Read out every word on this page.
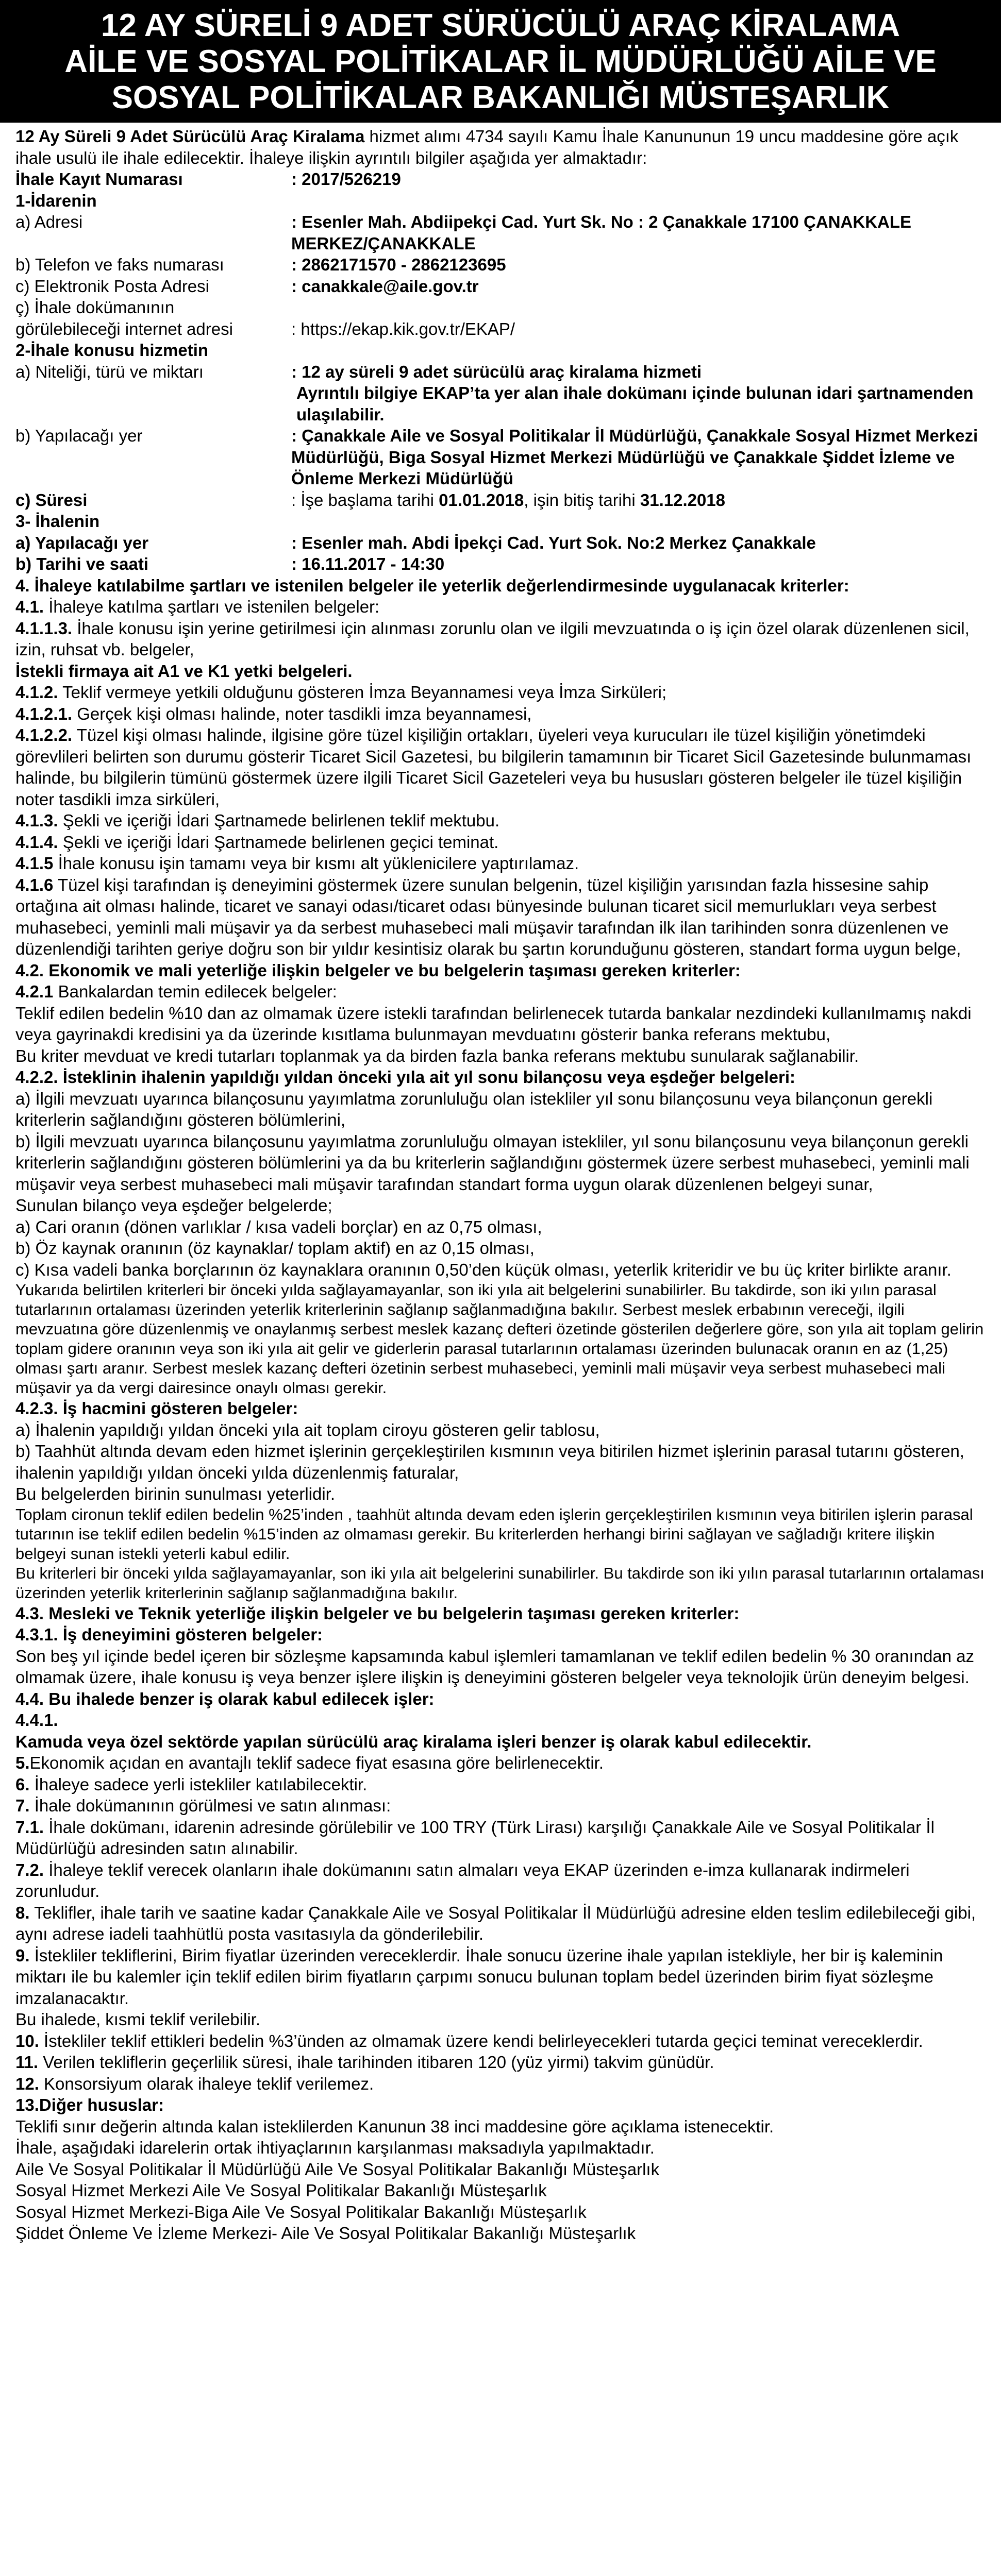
12 AY SÜRELİ 9 ADET SÜRÜCÜLÜ ARAÇ KİRALAMA
AİLE VE SOSYAL POLİTİKALAR İL MÜDÜRLÜĞÜ AİLE VE
SOSYAL POLİTİKALAR BAKANLIĞI MÜSTEŞARLIK

12 Ay Süreli 9 Adet Sürücülü Araç Kiralama hizmet alımı 4734 sayılı Kamu İhale Kanununun 19 uncu maddesine göre açık ihale usulü ile ihale edilecektir. İhaleye ilişkin ayrıntılı bilgiler aşağıda yer almaktadır:

İhale Kayıt Numarası	: 2017/526219

1-İdarenin

a) Adresi	: Esenler Mah. Abdiipekçi Cad. Yurt Sk. No : 2 Çanakkale 17100 ÇANAKKALE MERKEZ/ÇANAKKALE
b) Telefon ve faks numarası	: 2862171570 - 2862123695
c) Elektronik Posta Adresi	: canakkale@aile.gov.tr
ç) İhale dokümanının
görülebileceği internet adresi
	: https://ekap.kik.gov.tr/EKAP/

2-İhale konusu hizmetin

a) Niteliği, türü ve miktarı	: 12 ay süreli 9 adet sürücülü araç kiralama hizmeti
Ayrıntılı bilgiye EKAP’ta yer alan ihale dokümanı içinde bulunan idari şartnamenden ulaşılabilir.
b) Yapılacağı yer	: Çanakkale Aile ve Sosyal Politikalar İl Müdürlüğü, Çanakkale Sosyal Hizmet Merkezi Müdürlüğü, Biga Sosyal Hizmet Merkezi Müdürlüğü ve Çanakkale Şiddet İzleme ve Önleme Merkezi Müdürlüğü
c) Süresi	: İşe başlama tarihi 01.01.2018, işin bitiş tarihi 31.12.2018

3- İhalenin

a) Yapılacağı yer	: Esenler mah. Abdi İpekçi Cad. Yurt Sok. No:2 Merkez Çanakkale
b) Tarihi ve saati	: 16.11.2017 - 14:30

4. İhaleye katılabilme şartları ve istenilen belgeler ile yeterlik değerlendirmesinde uygulanacak kriterler:

4.1. İhaleye katılma şartları ve istenilen belgeler:

4.1.1.3. İhale konusu işin yerine getirilmesi için alınması zorunlu olan ve ilgili mevzuatında o iş için özel olarak düzenlenen sicil, izin, ruhsat vb. belgeler,

İstekli firmaya ait A1 ve K1 yetki belgeleri.

4.1.2. Teklif vermeye yetkili olduğunu gösteren İmza Beyannamesi veya İmza Sirküleri;

4.1.2.1. Gerçek kişi olması halinde, noter tasdikli imza beyannamesi,

4.1.2.2. Tüzel kişi olması halinde, ilgisine göre tüzel kişiliğin ortakları, üyeleri veya kurucuları ile tüzel kişiliğin yönetimdeki görevlileri belirten son durumu gösterir Ticaret Sicil Gazetesi, bu bilgilerin tamamının bir Ticaret Sicil Gazetesinde bulunmaması halinde, bu bilgilerin tümünü göstermek üzere ilgili Ticaret Sicil Gazeteleri veya bu hususları gösteren belgeler ile tüzel kişiliğin noter tasdikli imza sirküleri,

4.1.3. Şekli ve içeriği İdari Şartnamede belirlenen teklif mektubu.

4.1.4. Şekli ve içeriği İdari Şartnamede belirlenen geçici teminat.

4.1.5 İhale konusu işin tamamı veya bir kısmı alt yüklenicilere yaptırılamaz.

4.1.6 Tüzel kişi tarafından iş deneyimini göstermek üzere sunulan belgenin, tüzel kişiliğin yarısından fazla hissesine sahip ortağına ait olması halinde, ticaret ve sanayi odası/ticaret odası bünyesinde bulunan ticaret sicil memurlukları veya serbest muhasebeci, yeminli mali müşavir ya da serbest muhasebeci mali müşavir tarafından ilk ilan tarihinden sonra düzenlenen ve düzenlendiği tarihten geriye doğru son bir yıldır kesintisiz olarak bu şartın korunduğunu gösteren, standart forma uygun belge,

4.2. Ekonomik ve mali yeterliğe ilişkin belgeler ve bu belgelerin taşıması gereken kriterler:

4.2.1 Bankalardan temin edilecek belgeler:

Teklif edilen bedelin %10 dan az olmamak üzere istekli tarafından belirlenecek tutarda bankalar nezdindeki kullanılmamış nakdi veya gayrinakdi kredisini ya da üzerinde kısıtlama bulunmayan mevduatını gösterir banka referans mektubu,

Bu kriter mevduat ve kredi tutarları toplanmak ya da birden fazla banka referans mektubu sunularak sağlanabilir.

4.2.2. İsteklinin ihalenin yapıldığı yıldan önceki yıla ait yıl sonu bilançosu veya eşdeğer belgeleri:

a) İlgili mevzuatı uyarınca bilançosunu yayımlatma zorunluluğu olan istekliler yıl sonu bilançosunu veya bilançonun gerekli kriterlerin sağlandığını gösteren bölümlerini,

b) İlgili mevzuatı uyarınca bilançosunu yayımlatma zorunluluğu olmayan istekliler, yıl sonu bilançosunu veya bilançonun gerekli kriterlerin sağlandığını gösteren bölümlerini ya da bu kriterlerin sağlandığını göstermek üzere serbest muhasebeci, yeminli mali müşavir veya serbest muhasebeci mali müşavir tarafından standart forma uygun olarak düzenlenen belgeyi sunar,

Sunulan bilanço veya eşdeğer belgelerde;

a) Cari oranın (dönen varlıklar / kısa vadeli borçlar) en az 0,75 olması,

b) Öz kaynak oranının (öz kaynaklar/ toplam aktif) en az 0,15 olması,

c) Kısa vadeli banka borçlarının öz kaynaklara oranının 0,50’den küçük olması, yeterlik kriteridir ve bu üç kriter birlikte aranır.

Yukarıda belirtilen kriterleri bir önceki yılda sağlayamayanlar, son iki yıla ait belgelerini sunabilirler. Bu takdirde, son iki yılın parasal tutarlarının ortalaması üzerinden yeterlik kriterlerinin sağlanıp sağlanmadığına bakılır. Serbest meslek erbabının vereceği, ilgili mevzuatına göre düzenlenmiş ve onaylanmış serbest meslek kazanç defteri özetinde gösterilen değerlere göre, son yıla ait toplam gelirin toplam gidere oranının veya son iki yıla ait gelir ve giderlerin parasal tutarlarının ortalaması üzerinden bulunacak oranın en az (1,25) olması şartı aranır. Serbest meslek kazanç defteri özetinin serbest muhasebeci, yeminli mali müşavir veya serbest muhasebeci mali müşavir ya da vergi dairesince onaylı olması gerekir.

4.2.3. İş hacmini gösteren belgeler:

a) İhalenin yapıldığı yıldan önceki yıla ait toplam ciroyu gösteren gelir tablosu,

b) Taahhüt altında devam eden hizmet işlerinin gerçekleştirilen kısmının veya bitirilen hizmet işlerinin parasal tutarını gösteren, ihalenin yapıldığı yıldan önceki yılda düzenlenmiş faturalar,

Bu belgelerden birinin sunulması yeterlidir.

Toplam cironun teklif edilen bedelin %25’inden , taahhüt altında devam eden işlerin gerçekleştirilen kısmının veya bitirilen işlerin parasal tutarının ise teklif edilen bedelin %15’inden az olmaması gerekir. Bu kriterlerden herhangi birini sağlayan ve sağladığı kritere ilişkin belgeyi sunan istekli yeterli kabul edilir.

Bu kriterleri bir önceki yılda sağlayamayanlar, son iki yıla ait belgelerini sunabilirler. Bu takdirde son iki yılın parasal tutarlarının ortalaması üzerinden yeterlik kriterlerinin sağlanıp sağlanmadığına bakılır.

4.3. Mesleki ve Teknik yeterliğe ilişkin belgeler ve bu belgelerin taşıması gereken kriterler:

4.3.1. İş deneyimini gösteren belgeler:

Son beş yıl içinde bedel içeren bir sözleşme kapsamında kabul işlemleri tamamlanan ve teklif edilen bedelin % 30 oranından az olmamak üzere, ihale konusu iş veya benzer işlere ilişkin iş deneyimini gösteren belgeler veya teknolojik ürün deneyim belgesi.

4.4. Bu ihalede benzer iş olarak kabul edilecek işler:

4.4.1.

Kamuda veya özel sektörde yapılan sürücülü araç kiralama işleri benzer iş olarak kabul edilecektir.

5.Ekonomik açıdan en avantajlı teklif sadece fiyat esasına göre belirlenecektir.

6. İhaleye sadece yerli istekliler katılabilecektir.

7. İhale dokümanının görülmesi ve satın alınması:

7.1. İhale dokümanı, idarenin adresinde görülebilir ve 100 TRY (Türk Lirası) karşılığı Çanakkale Aile ve Sosyal Politikalar İl Müdürlüğü adresinden satın alınabilir.

7.2. İhaleye teklif verecek olanların ihale dokümanını satın almaları veya EKAP üzerinden e-imza kullanarak indirmeleri zorunludur.

8. Teklifler, ihale tarih ve saatine kadar Çanakkale Aile ve Sosyal Politikalar İl Müdürlüğü adresine elden teslim edilebileceği gibi, aynı adrese iadeli taahhütlü posta vasıtasıyla da gönderilebilir.

9. İstekliler tekliflerini, Birim fiyatlar üzerinden vereceklerdir. İhale sonucu üzerine ihale yapılan istekliyle, her bir iş kaleminin miktarı ile bu kalemler için teklif edilen birim fiyatların çarpımı sonucu bulunan toplam bedel üzerinden birim fiyat sözleşme imzalanacaktır.

Bu ihalede, kısmi teklif verilebilir.

10. İstekliler teklif ettikleri bedelin %3’ünden az olmamak üzere kendi belirleyecekleri tutarda geçici teminat vereceklerdir.

11. Verilen tekliflerin geçerlilik süresi, ihale tarihinden itibaren 120 (yüz yirmi) takvim günüdür.

12. Konsorsiyum olarak ihaleye teklif verilemez.

13.Diğer hususlar:

Teklifi sınır değerin altında kalan isteklilerden Kanunun 38 inci maddesine göre açıklama istenecektir.

İhale, aşağıdaki idarelerin ortak ihtiyaçlarının karşılanması maksadıyla yapılmaktadır.

Aile Ve Sosyal Politikalar İl Müdürlüğü Aile Ve Sosyal Politikalar Bakanlığı Müsteşarlık

Sosyal Hizmet Merkezi Aile Ve Sosyal Politikalar Bakanlığı Müsteşarlık

Sosyal Hizmet Merkezi-Biga Aile Ve Sosyal Politikalar Bakanlığı Müsteşarlık

Şiddet Önleme Ve İzleme Merkezi- Aile Ve Sosyal Politikalar Bakanlığı Müsteşarlık
